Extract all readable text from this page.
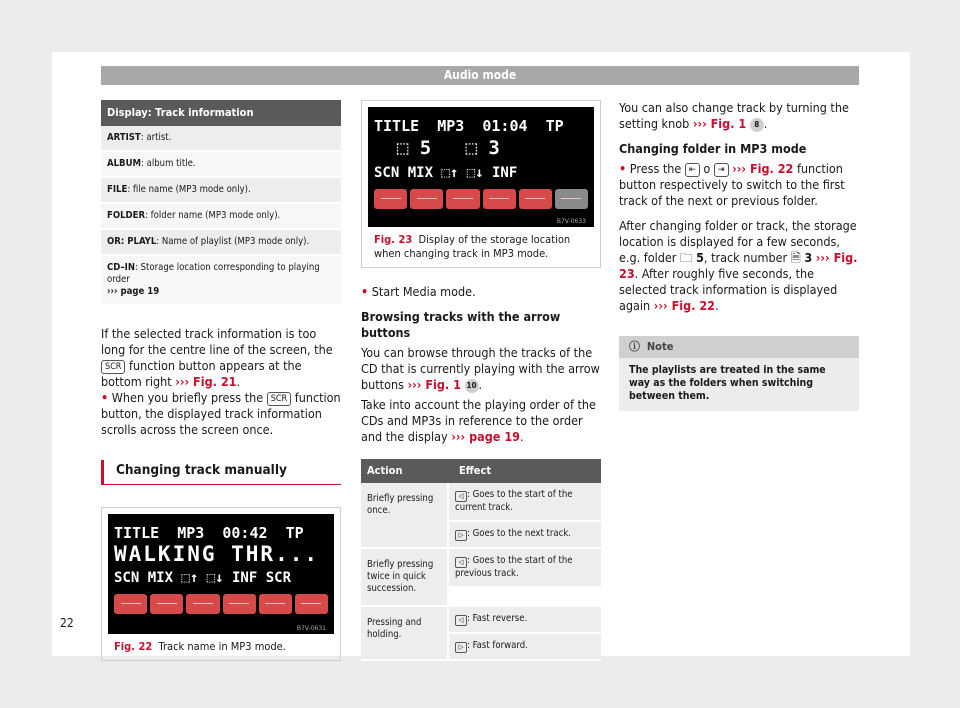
Audio mode
Display: Track information
ARTIST: artist.
ALBUM: album title.
FILE: file name (MP3 mode only).
FOLDER: folder name (MP3 mode only).
OR: PLAYL: Name of playlist (MP3 mode only).
CD–IN: Storage location corresponding to playing order
››› page 19

If the selected track information is too long for the centre line of the screen, the SCR function button appears at the bottom right ››› Fig. 21.

• When you briefly press the SCR function button, the displayed track information scrolls across the screen once.

Changing track manually
TITLE  MP3  00:42  TP
WALKING THR...
SCN MIX ⬚↑ ⬚↓ INF SCR
B7V-0631
Fig. 22 Track name in MP3 mode.
TITLE  MP3  01:04  TP
⬚ 5   ⬚ 3
SCN MIX ⬚↑ ⬚↓ INF
B7V-0633
Fig. 23 Display of the storage location when changing track in MP3 mode.

• Start Media mode.

Browsing tracks with the arrow buttons

You can browse through the tracks of the CD that is currently playing with the arrow buttons ››› Fig. 1 10 .

Take into account the playing order of the CDs and MP3s in reference to the order and the display ››› page 19.

Action	Effect
Briefly pressing once.
◁ : Goes to the start of the current track.
▷ : Goes to the next track.
Briefly pressing twice in quick succession.
◁ : Goes to the start of the previous track.
Pressing and holding.
◁ : Fast reverse.
▷ : Fast forward.

You can also change track by turning the setting knob ››› Fig. 1 8 .

Changing folder in MP3 mode

• Press the ⇤ o ⇥ ››› Fig. 22 function button respectively to switch to the first track of the next or previous folder.

After changing folder or track, the storage location is displayed for a few seconds, e.g. folder 🗀 5, track number 🗎 3 ››› Fig. 23. After roughly five seconds, the selected track information is displayed again ››› Fig. 22.

ⓘ Note
The playlists are treated in the same way as the folders when switching between them.
22
